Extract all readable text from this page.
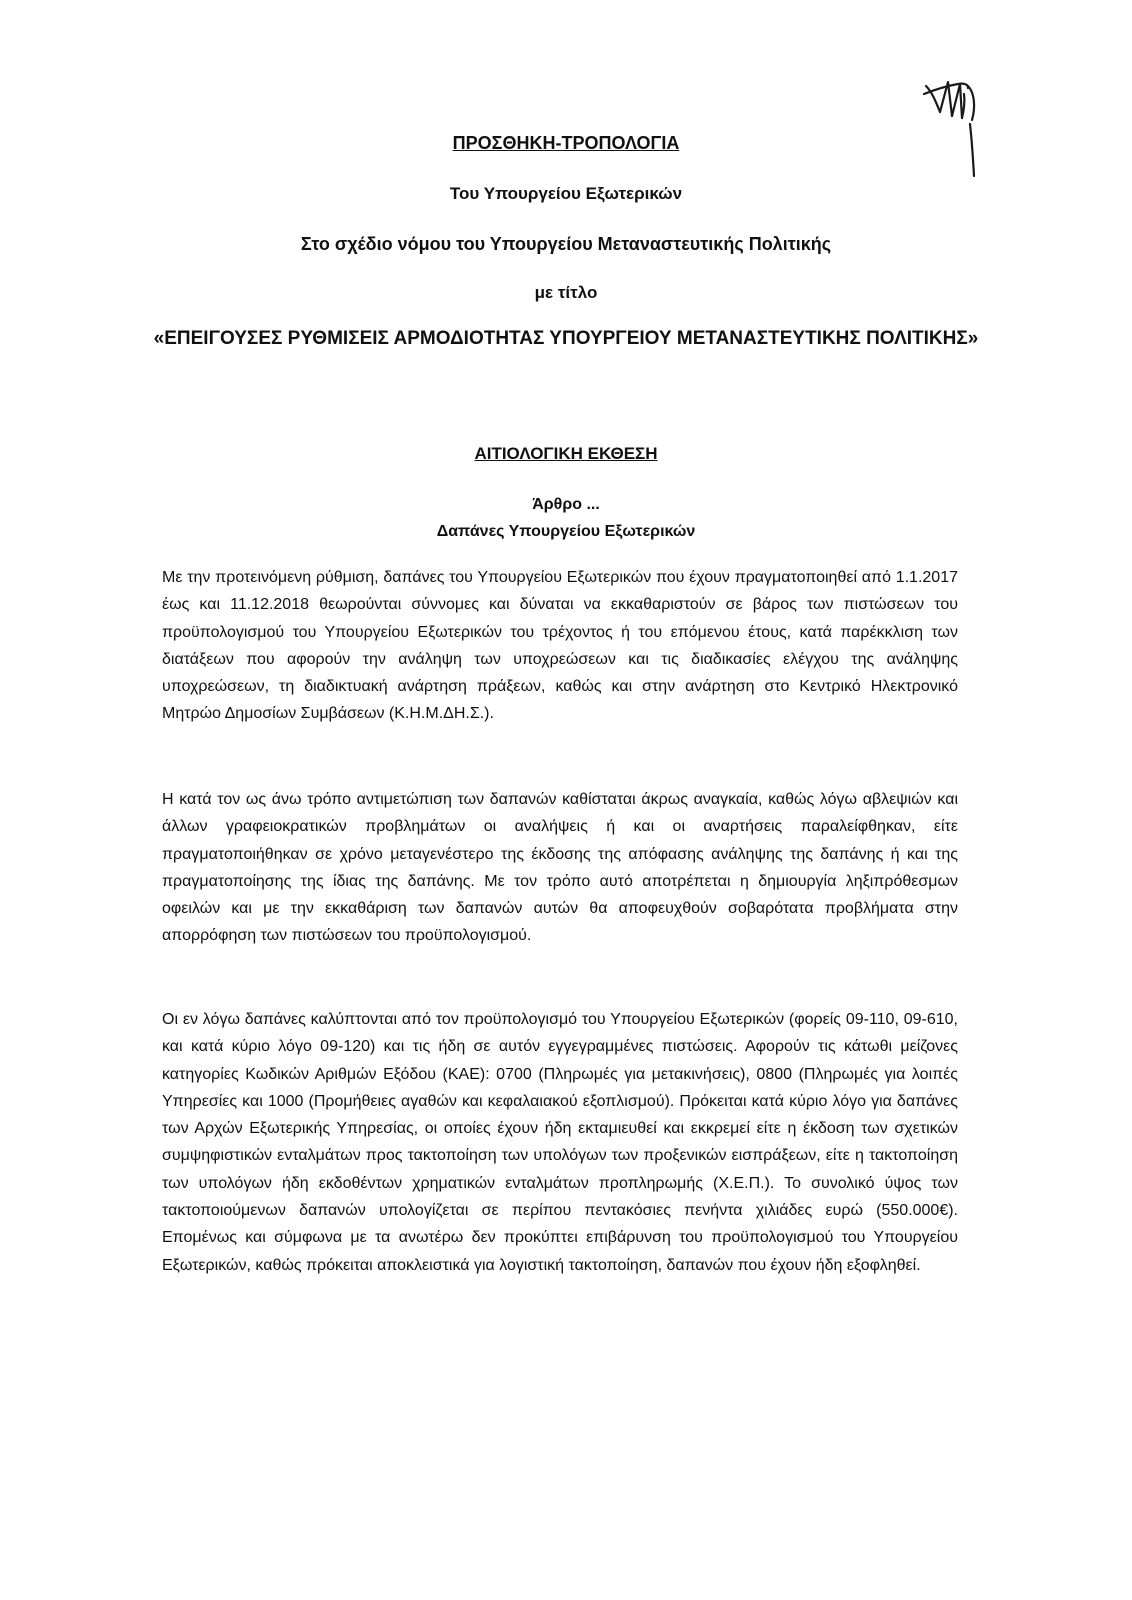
ΠΡΟΣΘΗΚΗ-ΤΡΟΠΟΛΟΓΙΑ
Του Υπουργείου Εξωτερικών
Στο σχέδιο νόμου του Υπουργείου Μεταναστευτικής Πολιτικής
με τίτλο
«ΕΠΕΙΓΟΥΣΕΣ ΡΥΘΜΙΣΕΙΣ ΑΡΜΟΔΙΟΤΗΤΑΣ ΥΠΟΥΡΓΕΙΟΥ ΜΕΤΑΝΑΣΤΕΥΤΙΚΗΣ ΠΟΛΙΤΙΚΗΣ»
ΑΙΤΙΟΛΟΓΙΚΗ ΕΚΘΕΣΗ
Άρθρο ...
Δαπάνες Υπουργείου Εξωτερικών

Με την προτεινόμενη ρύθμιση, δαπάνες του Υπουργείου Εξωτερικών που έχουν πραγματοποιηθεί από 1.1.2017 έως και 11.12.2018 θεωρούνται σύννομες και δύναται να εκκαθαριστούν σε βάρος των πιστώσεων του προϋπολογισμού του Υπουργείου Εξωτερικών του τρέχοντος ή του επόμενου έτους, κατά παρέκκλιση των διατάξεων που αφορούν την ανάληψη των υποχρεώσεων και τις διαδικασίες ελέγχου της ανάληψης υποχρεώσεων, τη διαδικτυακή ανάρτηση πράξεων, καθώς και στην ανάρτηση στο Κεντρικό Ηλεκτρονικό Μητρώο Δημοσίων Συμβάσεων (Κ.Η.Μ.ΔΗ.Σ.).

Η κατά τον ως άνω τρόπο αντιμετώπιση των δαπανών καθίσταται άκρως αναγκαία, καθώς λόγω αβλεψιών και άλλων γραφειοκρατικών προβλημάτων οι αναλήψεις ή και οι αναρτήσεις παραλείφθηκαν, είτε πραγματοποιήθηκαν σε χρόνο μεταγενέστερο της έκδοσης της απόφασης ανάληψης της δαπάνης ή και της πραγματοποίησης της ίδιας της δαπάνης. Με τον τρόπο αυτό αποτρέπεται η δημιουργία ληξιπρόθεσμων οφειλών και με την εκκαθάριση των δαπανών αυτών θα αποφευχθούν σοβαρότατα προβλήματα στην απορρόφηση των πιστώσεων του προϋπολογισμού.

Οι εν λόγω δαπάνες καλύπτονται από τον προϋπολογισμό του Υπουργείου Εξωτερικών (φορείς 09-110, 09-610, και κατά κύριο λόγο 09-120) και τις ήδη σε αυτόν εγγεγραμμένες πιστώσεις. Αφορούν τις κάτωθι μείζονες κατηγορίες Κωδικών Αριθμών Εξόδου (ΚΑΕ): 0700 (Πληρωμές για μετακινήσεις), 0800 (Πληρωμές για λοιπές Υπηρεσίες και 1000 (Προμήθειες αγαθών και κεφαλαιακού εξοπλισμού). Πρόκειται κατά κύριο λόγο για δαπάνες των Αρχών Εξωτερικής Υπηρεσίας, οι οποίες έχουν ήδη εκταμιευθεί και εκκρεμεί είτε η έκδοση των σχετικών συμψηφιστικών ενταλμάτων προς τακτοποίηση των υπολόγων των προξενικών εισπράξεων, είτε η τακτοποίηση των υπολόγων ήδη εκδοθέντων χρηματικών ενταλμάτων προπληρωμής (Χ.Ε.Π.). Το συνολικό ύψος των τακτοποιούμενων δαπανών υπολογίζεται σε περίπου πεντακόσιες πενήντα χιλιάδες ευρώ (550.000€). Επομένως και σύμφωνα με τα ανωτέρω δεν προκύπτει επιβάρυνση του προϋπολογισμού του Υπουργείου Εξωτερικών, καθώς πρόκειται αποκλειστικά για λογιστική τακτοποίηση, δαπανών που έχουν ήδη εξοφληθεί.
